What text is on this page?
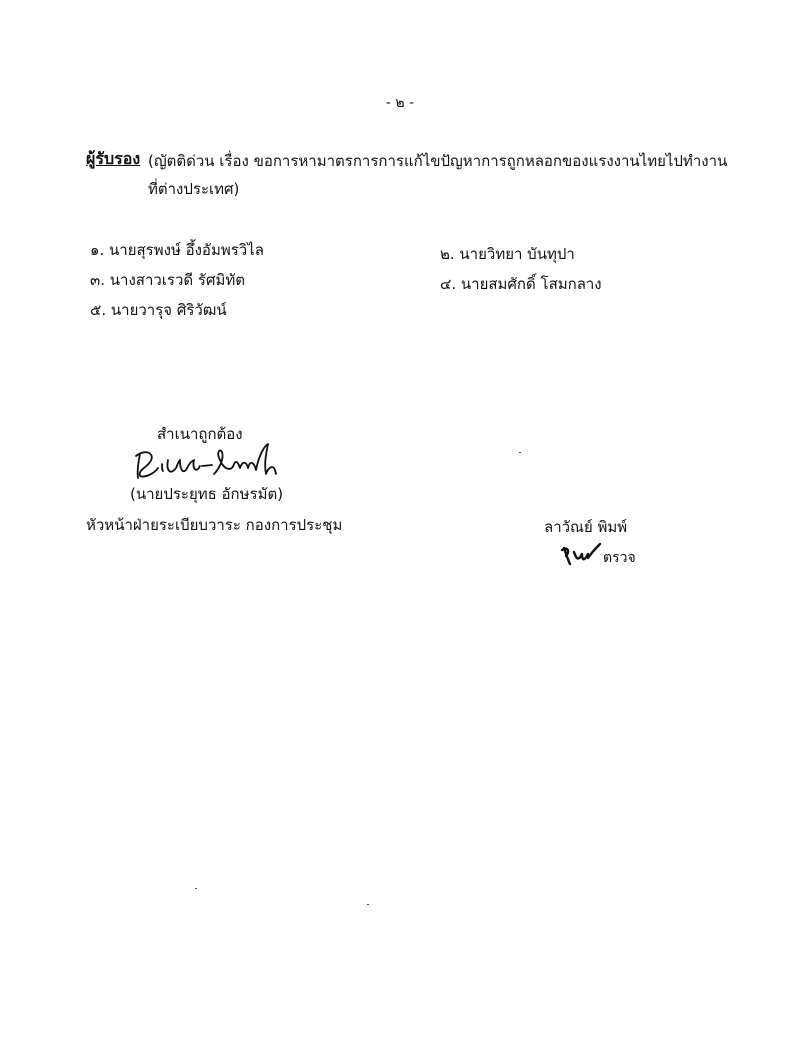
- ๒ -
ผู้รับรอง (ญัตติด่วน เรื่อง ขอการหามาตรการการแก้ไขปัญหาการถูกหลอกของแรงงานไทยไปทำงาน
ที่ต่างประเทศ)
๑. นายสุรพงษ์ อึ้งอัมพรวิไล	๒. นายวิทยา บันทุปา
๓. นางสาวเรวดี รัศมิทัต	๔. นายสมศักดิ์ โสมกลาง
๕. นายวารุจ ศิริวัฒน์
สำเนาถูกต้อง
(นายประยุทธ อักษรมัต)
หัวหน้าฝ่ายระเบียบวาระ กองการประชุม	ลาวัณย์ พิมพ์
ตรวจ
